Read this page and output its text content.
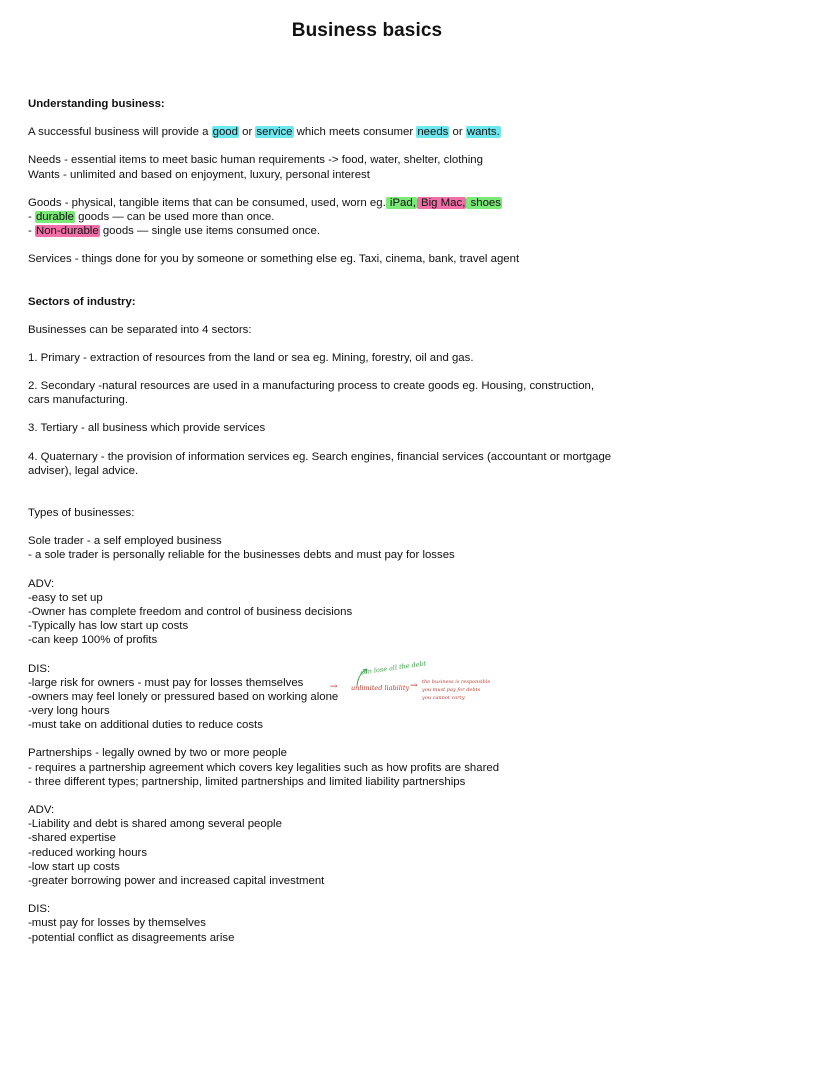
Business basics
Understanding business:
A successful business will provide a good or service which meets consumer needs or wants.
Needs - essential items to meet basic human requirements -> food, water, shelter, clothing
Wants - unlimited and based on enjoyment, luxury, personal interest
Goods - physical, tangible items that can be consumed, used, worn eg. iPad, Big Mac, shoes
- durable goods — can be used more than once.
- Non-durable goods — single use items consumed once.
Services - things done for you by someone or something else eg. Taxi, cinema, bank, travel agent
Sectors of industry:
Businesses can be separated into 4 sectors:
1. Primary - extraction of resources from the land or sea eg. Mining, forestry, oil and gas.
2. Secondary -natural resources are used in a manufacturing process to create goods eg. Housing, construction,
cars manufacturing.
3. Tertiary - all business which provide services
4. Quaternary - the provision of information services eg. Search engines, financial services (accountant or mortgage
adviser), legal advice.
Types of businesses:
Sole trader - a self employed business
- a sole trader is personally reliable for the businesses debts and must pay for losses
ADV:
-easy to set up
-Owner has complete freedom and control of business decisions
-Typically has low start up costs
-can keep 100% of profits
DIS:
-large risk for owners - must pay for losses themselves
-owners may feel lonely or pressured based on working alone
-very long hours
-must take on additional duties to reduce costs
Partnerships - legally owned by two or more people
- requires a partnership agreement which covers key legalities such as how profits are shared
- three different types; partnership, limited partnerships and limited liability partnerships
ADV:
-Liability and debt is shared among several people
-shared expertise
-reduced working hours
-low start up costs
-greater borrowing power and increased capital investment
DIS:
-must pay for losses by themselves
-potential conflict as disagreements arise
can lose all the debt
→ unlimited liability → the business is responsible
you must pay for debts
you cannot carry
